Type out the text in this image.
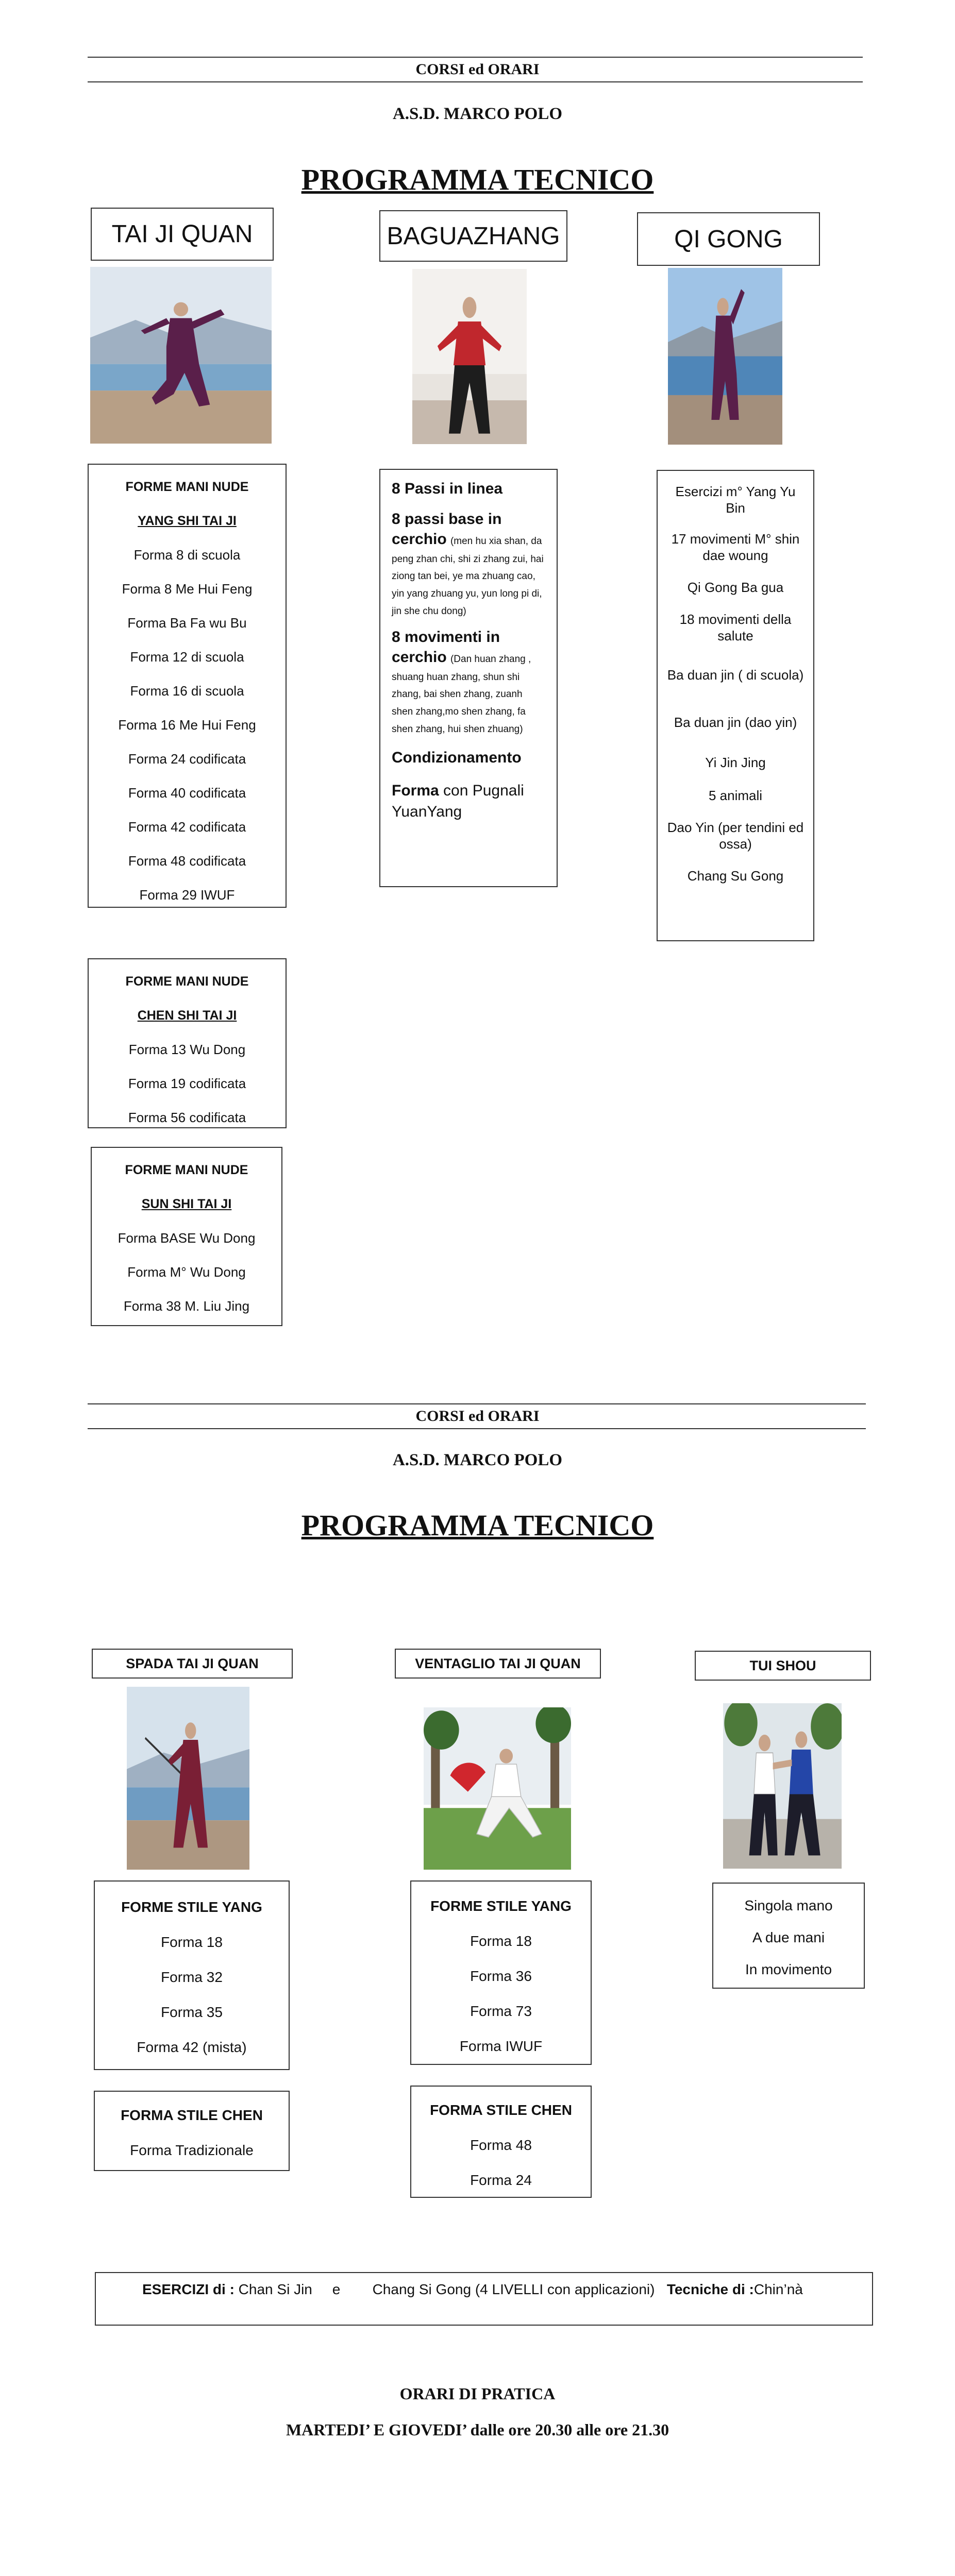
CORSI ed ORARI
A.S.D. MARCO POLO
PROGRAMMA TECNICO
TAI JI QUAN	BAGUAZHANG	QI GONG

FORME MANI NUDE

YANG SHI TAI JI

Forma 8 di scuola

Forma 8 Me Hui Feng

Forma Ba Fa wu Bu

Forma 12 di scuola

Forma 16 di scuola

Forma 16 Me Hui Feng

Forma 24 codificata

Forma 40 codificata

Forma 42 codificata

Forma 48 codificata

Forma 29 IWUF

FORME MANI NUDE

CHEN SHI TAI JI

Forma 13 Wu Dong

Forma 19 codificata

Forma 56 codificata

FORME MANI NUDE

SUN SHI TAI JI

Forma BASE Wu Dong

Forma M° Wu Dong

Forma 38 M. Liu Jing

8 Passi in linea

8 passi base in cerchio (men hu xia shan, da peng zhan chi, shi zi zhang zui, hai ziong tan bei, ye ma zhuang cao, yin yang zhuang yu, yun long pi di, jin she chu dong)

8 movimenti in cerchio (Dan huan zhang , shuang huan zhang, shun shi zhang, bai shen zhang, zuanh shen zhang,mo shen zhang, fa shen zhang, hui shen zhuang)

Condizionamento

Forma con Pugnali YuanYang

Esercizi m° Yang Yu Bin

17 movimenti M° shin dae woung

Qi Gong Ba gua

18 movimenti della salute

Ba duan jin ( di scuola)

Ba duan jin (dao yin)

Yi Jin Jing

5 animali

Dao Yin (per tendini ed ossa)

Chang Su Gong

CORSI ed ORARI
A.S.D. MARCO POLO
PROGRAMMA TECNICO
SPADA TAI JI QUAN	VENTAGLIO TAI JI QUAN	TUI SHOU

FORME STILE YANG

Forma 18

Forma 32

Forma 35

Forma 42 (mista)

FORMA STILE CHEN

Forma Tradizionale

FORME STILE YANG

Forma 18

Forma 36

Forma 73

Forma IWUF

FORMA STILE CHEN

Forma 48

Forma 24

Singola mano

A due mani

In movimento

ESERCIZI di : Chan Si Jin     e        Chang Si Gong (4 LIVELLI con applicazioni)   Tecniche di :Chin’nà

ORARI DI PRATICA
MARTEDI’ E GIOVEDI’ dalle ore 20.30 alle ore 21.30
